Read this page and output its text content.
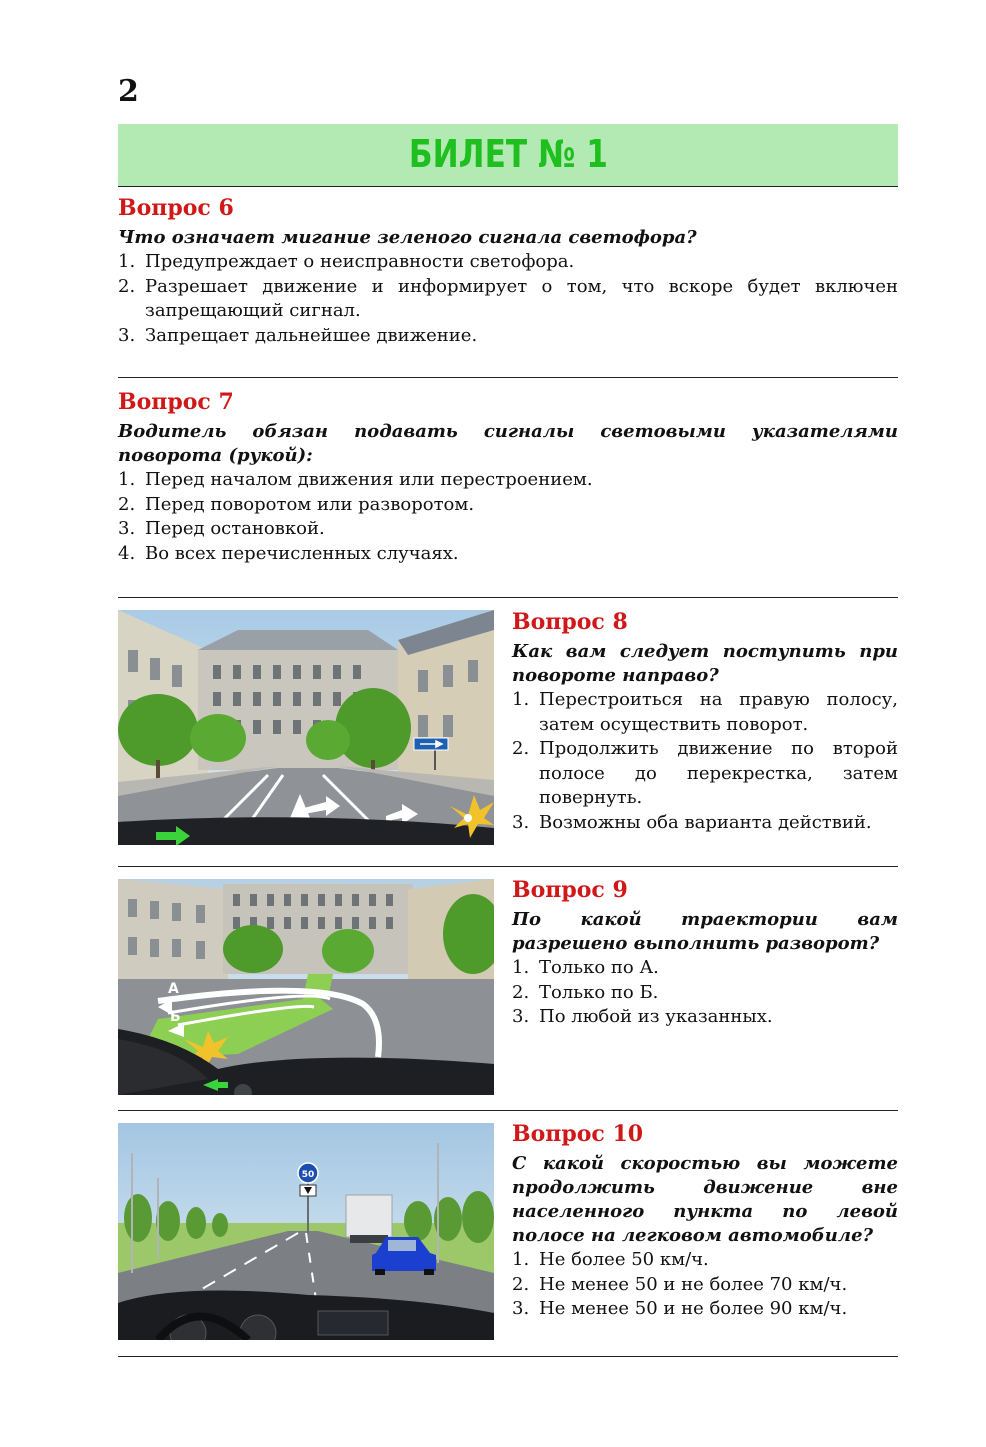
2
БИЛЕТ № 1
Вопрос 6

Что означает мигание зеленого сигнала светофора?

1. Предупреждает о неисправности светофора.
2. Разрешает движение и информирует о том, что вскоре будет включен запрещающий сигнал.
3. Запрещает дальнейшее движение.
Вопрос 7

Водитель обязан подавать сигналы световыми указателями поворота (рукой):

1. Перед началом движения или перестроением.
2. Перед поворотом или разворотом.
3. Перед остановкой.
4. Во всех перечисленных случаях.
Вопрос 8

Как вам следует поступить при повороте направо?

1. Перестроиться на правую полосу, затем осуществить поворот.
2. Продолжить движение по второй полосе до перекрестка, затем повернуть.
3. Возможны оба варианта действий.
А
Б
Вопрос 9

По какой траектории вам разрешено выполнить разворот?

1. Только по А.
2. Только по Б.
3. По любой из указанных.
50
Вопрос 10

С какой скоростью вы можете продолжить движение вне населенного пункта по левой полосе на легковом автомобиле?

1. Не более 50 км/ч.
2. Не менее 50 и не более 70 км/ч.
3. Не менее 50 и не более 90 км/ч.
